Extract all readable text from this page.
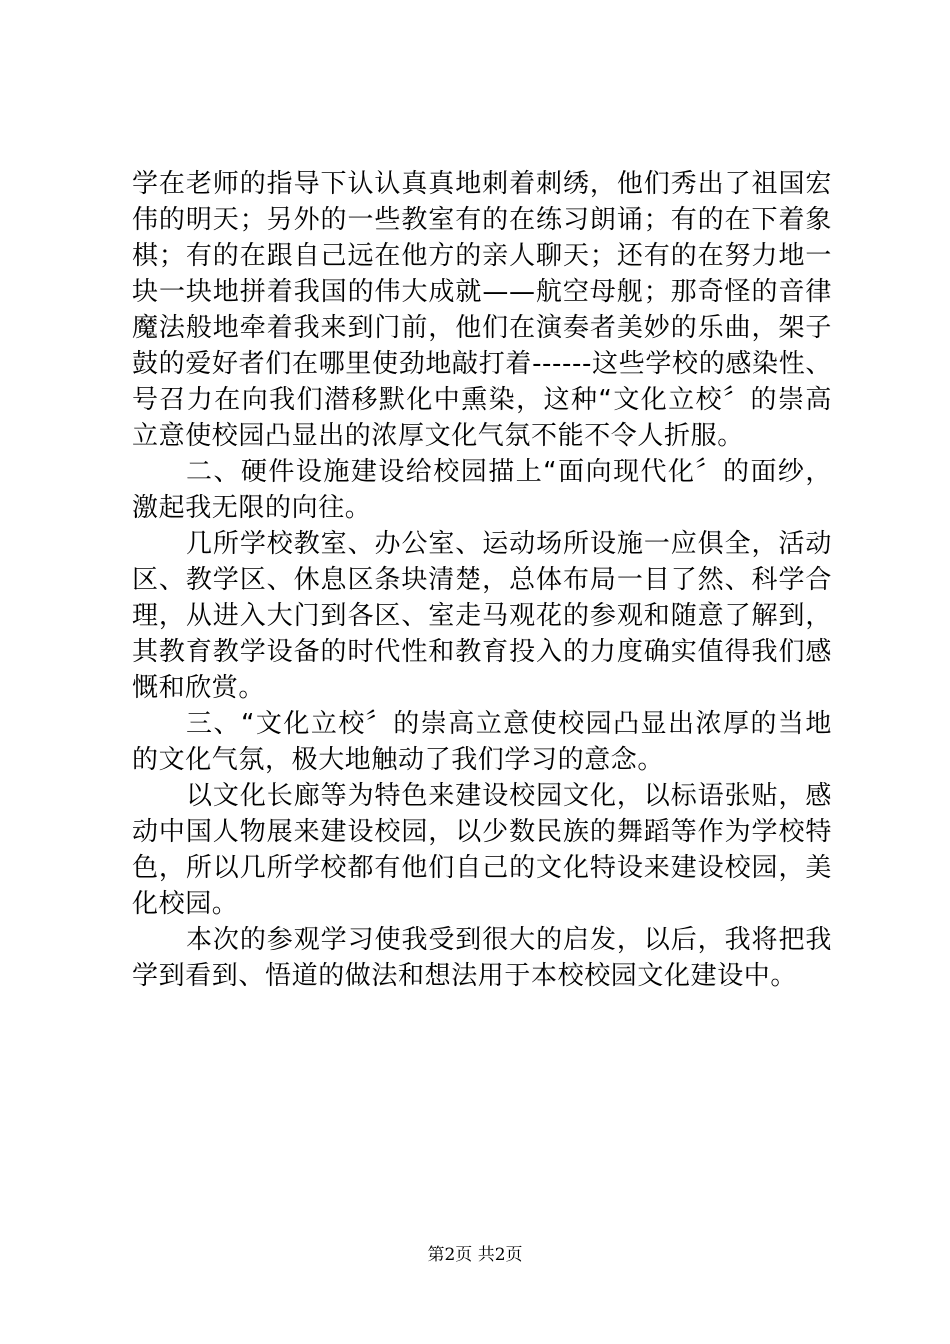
学在老师的指导下认认真真地刺着刺绣，他们秀出了祖国宏伟的明天；另外的一些教室有的在练习朗诵；有的在下着象棋；有的在跟自己远在他方的亲人聊天；还有的在努力地一块一块地拼着我国的伟大成就——航空母舰；那奇怪的音律魔法般地牵着我来到门前，他们在演奏者美妙的乐曲，架子鼓的爱好者们在哪里使劲地敲打着------这些学校的感染性、号召力在向我们潜移默化中熏染，这种“文化立校〞的崇高立意使校园凸显出的浓厚文化气氛不能不令人折服。

二、硬件设施建设给校园描上“面向现代化〞的面纱，激起我无限的向往。

几所学校教室、办公室、运动场所设施一应俱全，活动区、教学区、休息区条块清楚，总体布局一目了然、科学合理，从进入大门到各区、室走马观花的参观和随意了解到，其教育教学设备的时代性和教育投入的力度确实值得我们感慨和欣赏。

三、“文化立校〞的崇高立意使校园凸显出浓厚的当地的文化气氛，极大地触动了我们学习的意念。

以文化长廊等为特色来建设校园文化，以标语张贴，感动中国人物展来建设校园，以少数民族的舞蹈等作为学校特色，所以几所学校都有他们自己的文化特设来建设校园，美化校园。

本次的参观学习使我受到很大的启发，以后，我将把我学到看到、悟道的做法和想法用于本校校园文化建设中。

第2页 共2页
